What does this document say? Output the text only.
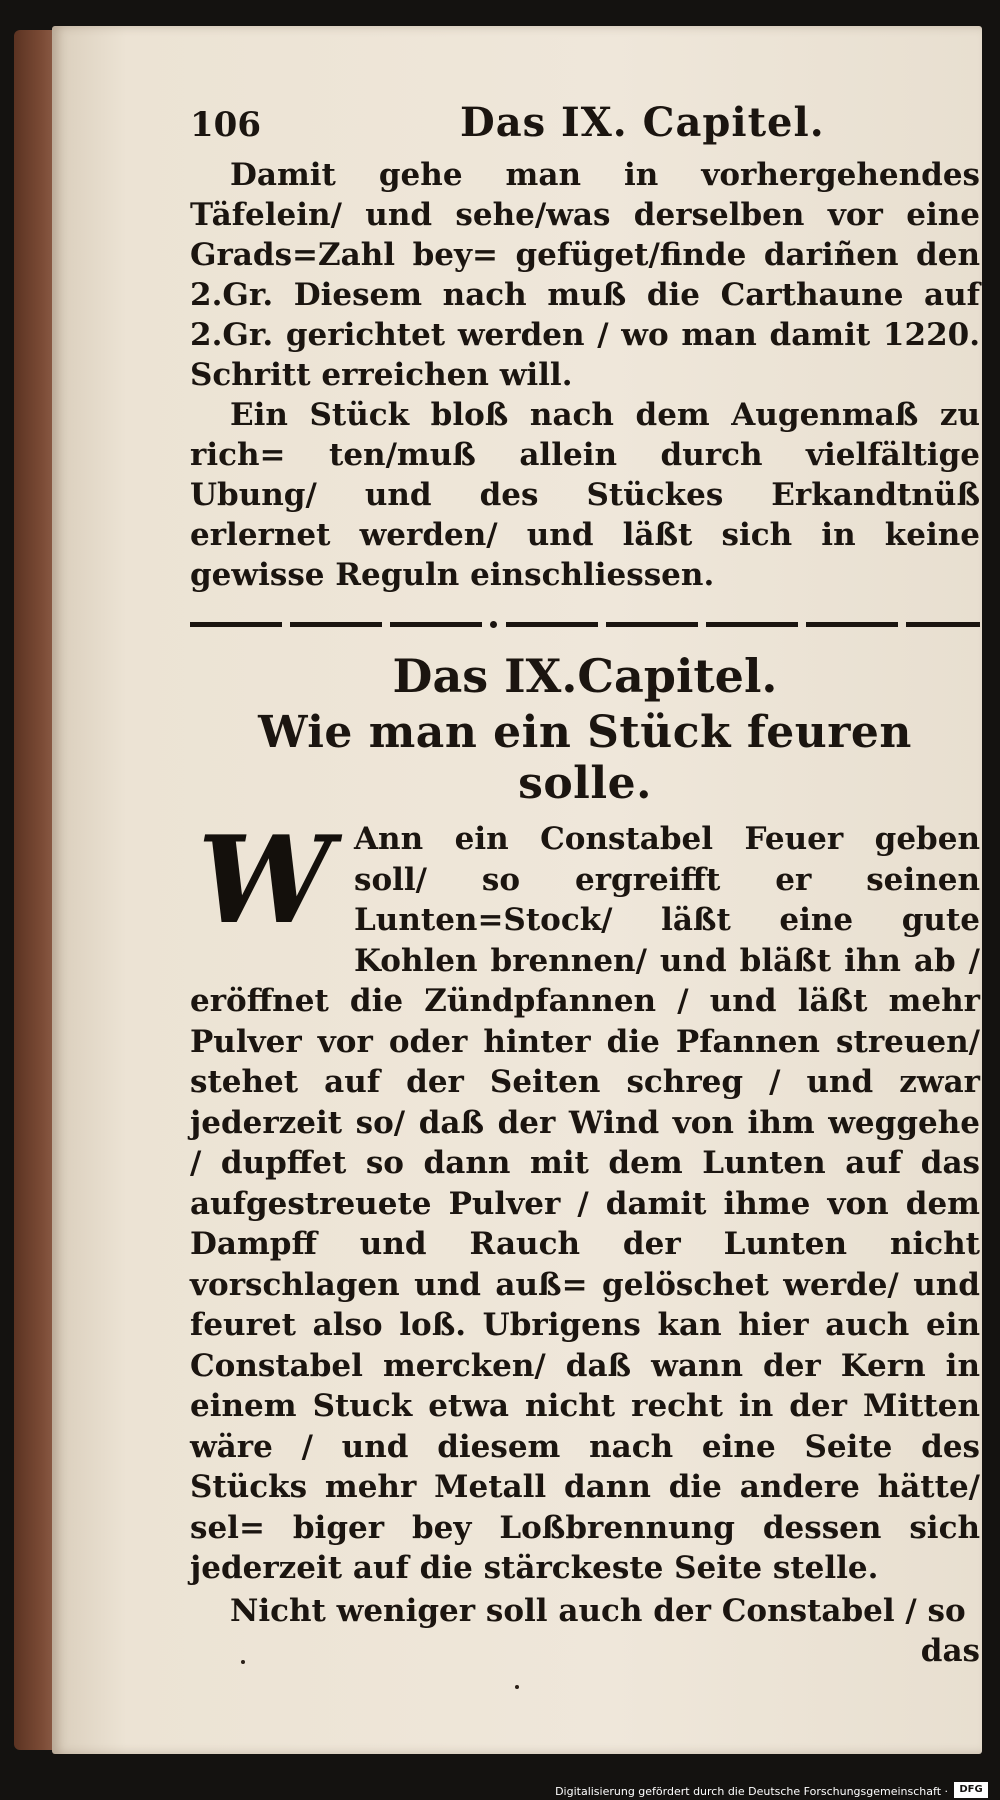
106	Das IX. Capitel.

Damit gehe man in vorhergehendes Täfelein/ und sehe/was derselben vor eine Grads=Zahl bey= gefüget/finde dariñen den 2.Gr. Diesem nach muß die Carthaune auf 2.Gr. gerichtet werden / wo man damit 1220. Schritt erreichen will.

Ein Stück bloß nach dem Augenmaß zu rich= ten/muß allein durch vielfältige Ubung/ und des Stückes Erkandtnüß erlernet werden/ und läßt sich in keine gewisse Reguln einschliessen.

Das IX.Capitel.
Wie man ein Stück feuren solle.
W Ann ein Constabel Feuer geben soll/ so ergreifft er seinen Lunten=Stock/ läßt eine gute Kohlen brennen/ und bläßt ihn ab / eröffnet die Zündpfannen / und läßt mehr Pulver vor oder hinter die Pfannen streuen/ stehet auf der Seiten schreg / und zwar jederzeit so/ daß der Wind von ihm weggehe / dupffet so dann mit dem Lunten auf das aufgestreuete Pulver / damit ihme von dem Dampff und Rauch der Lunten nicht vorschlagen und auß= gelöschet werde/ und feuret also loß. Ubrigens kan hier auch ein Constabel mercken/ daß wann der Kern in einem Stuck etwa nicht recht in der Mitten wäre / und diesem nach eine Seite des Stücks mehr Metall dann die andere hätte/ sel= biger bey Loßbrennung dessen sich jederzeit auf die stärckeste Seite stelle.

Nicht weniger soll auch der Constabel / so

das
Digitalisierung gefördert durch die Deutsche Forschungsgemeinschaft ·	DFG
